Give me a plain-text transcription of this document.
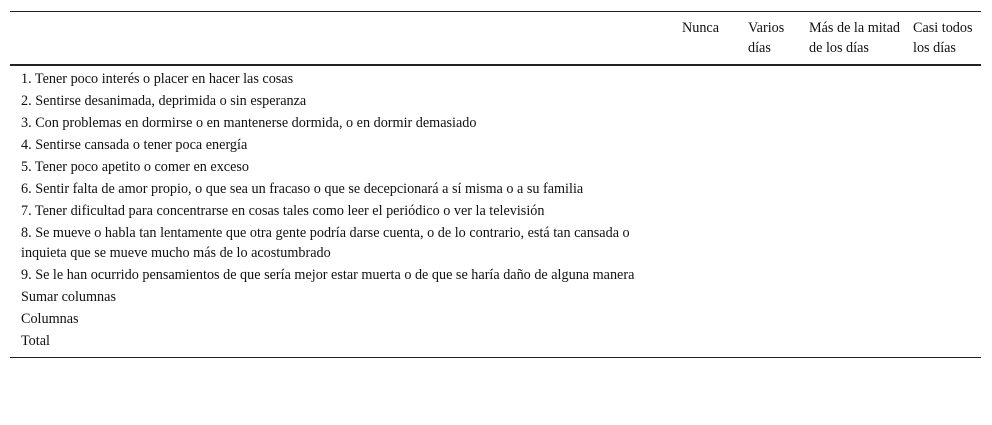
	Nunca	Varios días	Más de la mitad de los días	Casi todos los días
1. Tener poco interés o placer en hacer las cosas				
2. Sentirse desanimada, deprimida o sin esperanza				
3. Con problemas en dormirse o en mantenerse dormida, o en dormir demasiado				
4. Sentirse cansada o tener poca energía				
5. Tener poco apetito o comer en exceso				
6. Sentir falta de amor propio, o que sea un fracaso o que se decepcionará a sí misma o a su familia				
7. Tener dificultad para concentrarse en cosas tales como leer el periódico o ver la televisión				
8. Se mueve o habla tan lentamente que otra gente podría darse cuenta, o de lo contrario, está tan cansada o inquieta que se mueve mucho más de lo acostumbrado				
9. Se le han ocurrido pensamientos de que sería mejor estar muerta o de que se haría daño de alguna manera				
Sumar columnas				
Columnas				
Total				
